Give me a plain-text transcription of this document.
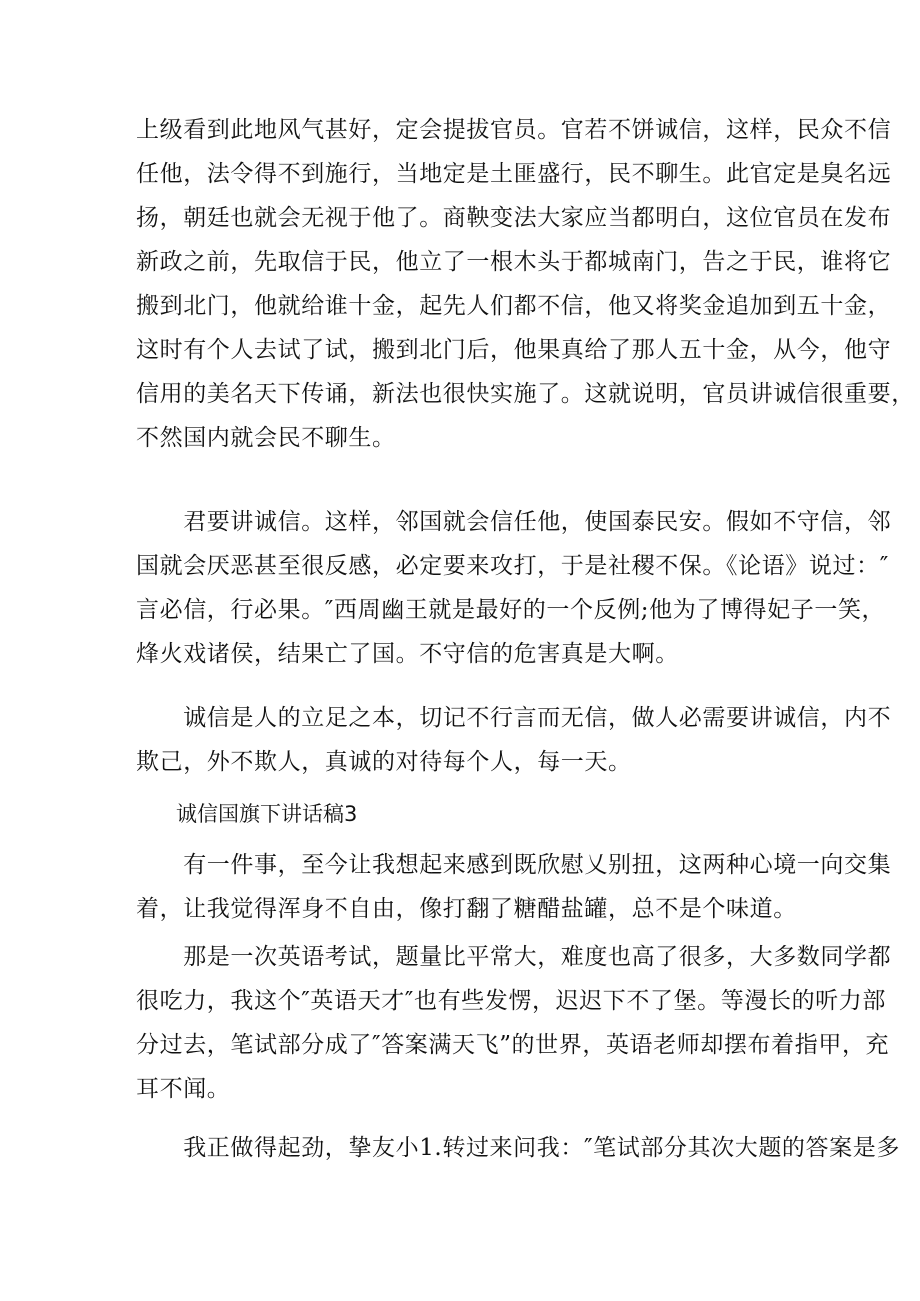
上级看到此地风气甚好，定会提拔官员。官若不饼诚信，这样，民众不信
任他，法令得不到施行，当地定是土匪盛行，民不聊生。此官定是臭名远
扬，朝廷也就会无视于他了。商鞅变法大家应当都明白，这位官员在发布
新政之前，先取信于民，他立了一根木头于都城南门，告之于民，谁将它
搬到北门，他就给谁十金，起先人们都不信，他又将奖金追加到五十金，
这时有个人去试了试，搬到北门后，他果真给了那人五十金，从今，他守
信用的美名天下传诵，新法也很快实施了。这就说明，官员讲诚信很重要，
不然国内就会民不聊生。

　　君要讲诚信。这样，邻国就会信任他，使国泰民安。假如不守信，邻
国就会厌恶甚至很反感，必定要来攻打，于是社稷不保。《论语》说过：″
言必信，行必果。″西周幽王就是最好的一个反例;他为了博得妃子一笑，
烽火戏诸侯，结果亡了国。不守信的危害真是大啊。

　　诚信是人的立足之本，切记不行言而无信，做人必需要讲诚信，内不
欺己，外不欺人，真诚的对待每个人，每一天。

诚信国旗下讲话稿3

　　有一件事，至今让我想起来感到既欣慰乂别扭，这两种心境一向交集
着，让我觉得浑身不自由，像打翻了糖醋盐罐，总不是个味道。

　　那是一次英语考试，题量比平常大，难度也高了很多，大多数同学都
很吃力，我这个″英语天才″也有些发愣，迟迟下不了堡。等漫长的听力部
分过去，笔试部分成了″答案满天飞”的世界，英语老师却摆布着指甲，充
耳不闻。

　　我正做得起劲，挚友小1.转过来问我：″笔试部分其次大题的答案是多
